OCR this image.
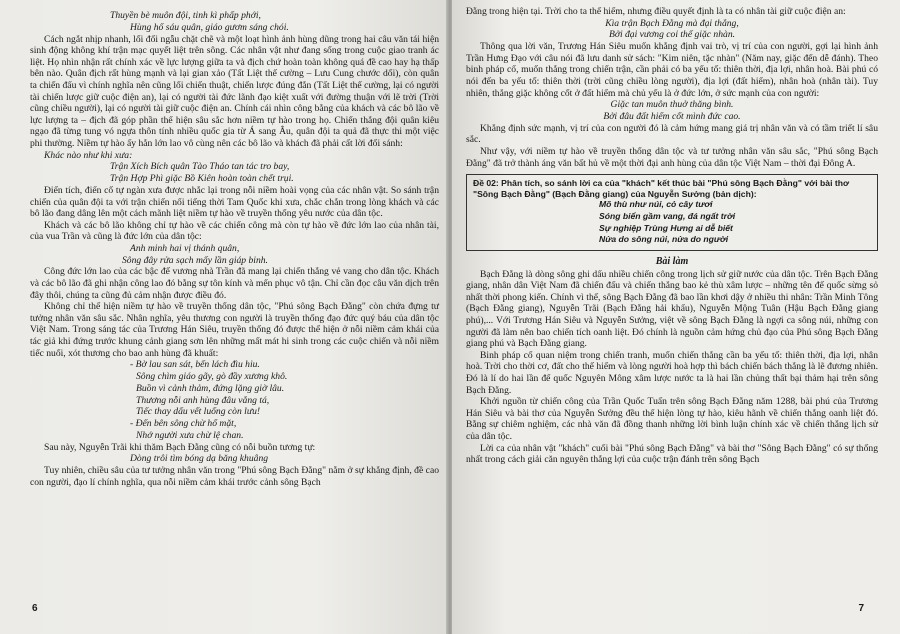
Thuyền bè muôn đội, tinh kì phấp phới,

Hùng hổ sáu quân, giáo gươm sáng chói.

Cách ngắt nhịp nhanh, lối đối ngẫu chặt chẽ và một loạt hình ảnh hùng dũng trong hai câu văn tái hiện sinh động không khí trận mạc quyết liệt trên sông. Các nhân vật như đang sống trong cuộc giao tranh ác liệt. Họ nhìn nhận rất chính xác về lực lượng giữa ta và địch chứ hoàn toàn không quá đề cao hay hạ thấp bên nào. Quân địch rất hùng mạnh và lại gian xảo (Tất Liệt thế cường – Lưu Cung chước dối), còn quân ta chiến đấu vì chính nghĩa nên cũng lối chiến thuật, chiến lược đúng đắn (Tất Liệt thế cường, lại có người tài chiến lược giữ cuộc điện an), lại có người tài đức lãnh đạo kiệt xuất với đường thuận với lẽ trời (Trời cũng chiều người), lại có người tài giữ cuộc điện an. Chính cái nhìn công bằng của khách và các bô lão về lực lượng ta – địch đã góp phần thể hiện sâu sắc hơn niềm tự hào trong họ. Chiến thắng đội quân kiêu ngạo đã từng tung vó ngựa thôn tính nhiều quốc gia từ Á sang Âu, quân đội ta quả đã thực thi một việc phi thường. Niềm tự hào ấy hẳn lớn lao vô cùng nên các bô lão và khách đã phải cất lời đối sánh:

Khác nào như khi xưa:

Trận Xích Bích quân Tào Tháo tan tác tro bay,

Trận Hợp Phì giặc Bồ Kiên hoàn toàn chết trụi.

Điển tích, điển cố tự ngàn xưa được nhắc lại trong nỗi niềm hoài vọng của các nhân vật. So sánh trận chiến của quân đội ta với trận chiến nổi tiếng thời Tam Quốc khi xưa, chắc chắn trong lòng khách và các bô lão đang dâng lên một cách mãnh liệt niềm tự hào về truyền thống yêu nước của dân tộc.

Khách và các bô lão không chỉ tự hào về các chiến công mà còn tự hào về đức lớn lao của nhân tài, của vua Trần và cũng là đức lớn của dân tộc:

Anh minh hai vị thánh quân,

Sông đây rửa sạch mấy lần giáp binh.

Công đức lớn lao của các bậc đế vương nhà Trần đã mang lại chiến thắng vẻ vang cho dân tộc. Khách và các bô lão đã ghi nhận công lao đó bằng sự tôn kính và mến phục vô tận. Chỉ cần đọc câu văn dịch trên đây thôi, chúng ta cũng đủ cảm nhận được điều đó.

Không chỉ thể hiện niềm tự hào về truyền thống dân tộc, "Phú sông Bạch Đằng" còn chứa đựng tư tưởng nhân văn sâu sắc. Nhân nghĩa, yêu thương con người là truyền thống đạo đức quý báu của dân tộc Việt Nam. Trong sáng tác của Trương Hán Siêu, truyền thống đó được thể hiện ở nỗi niềm cảm khái của tác giả khi đứng trước khung cảnh giang sơn lên những mất mát hi sinh trong các cuộc chiến và nỗi niềm tiếc nuối, xót thương cho bao anh hùng đã khuất:

- Bờ lau san sát, bến lách đìu hiu.

Sông chìm giáo gãy, gò đầy xương khô.

Buồn vì cảnh thảm, đứng lặng giờ lâu.

Thương nỗi anh hùng đâu vắng tá,

Tiếc thay dấu vết luống còn lưu!

- Đến bên sông chừ hổ mặt,

Nhớ người xưa chừ lệ chan.

Sau này, Nguyễn Trãi khi thăm Bạch Đằng cũng có nỗi buồn tương tự:

Dòng trôi tìm bóng dạ băng khuâng

Tuy nhiên, chiều sâu của tư tưởng nhân văn trong "Phú sông Bạch Đằng" nằm ở sự khẳng định, đề cao con người, đạo lí chính nghĩa, qua nỗi niềm cảm khái trước cảnh sông Bạch

6

Đằng trong hiện tại. Trời cho ta thế hiểm, nhưng điều quyết định là ta có nhân tài giữ cuộc điện an:

Kìa trận Bạch Đằng mà đại thắng,

Bởi đại vương coi thế giặc nhàn.

Thông qua lời văn, Trương Hán Siêu muốn khẳng định vai trò, vị trí của con người, gợi lại hình ảnh Trần Hưng Đạo với câu nói đã lưu danh sử sách: "Kim niên, tặc nhàn" (Năm nay, giặc đến dễ đánh). Theo binh pháp cổ, muốn thắng trong chiến trận, cần phải có ba yếu tố: thiên thời, địa lợi, nhân hoà. Bài phú có nói đến ba yếu tố: thiên thời (trời cũng chiều lòng người), địa lợi (đất hiểm), nhân hoà (nhân tài). Tuy nhiên, thắng giặc không cốt ở đất hiểm mà chủ yếu là ở đức lớn, ở sức mạnh của con người:

Giặc tan muôn thuở thăng bình.

Bởi đâu đất hiểm cốt mình đức cao.

Khẳng định sức mạnh, vị trí của con người đó là cảm hứng mang giá trị nhân văn và có tầm triết lí sâu sắc.

Như vậy, với niềm tự hào về truyền thống dân tộc và tư tưởng nhân văn sâu sắc, "Phú sông Bạch Đằng" đã trở thành áng văn bất hủ về một thời đại anh hùng của dân tộc Việt Nam – thời đại Đông A.

Đề 02: Phân tích, so sánh lời ca của "khách" kết thúc bài "Phú sông Bạch Đằng" với bài thơ "Sông Bạch Đằng" (Bạch Đằng giang) của Nguyễn Sưởng (bản dịch):

Mõ thù như núi, cỏ cây tươi

Sóng biển gầm vang, đá ngất trời

Sự nghiệp Trùng Hưng ai dễ biết

Nửa do sông núi, nửa do người

Bài làm

Bạch Đằng là dòng sông ghi dấu nhiều chiến công trong lịch sử giữ nước của dân tộc. Trên Bạch Đằng giang, nhân dân Việt Nam đã chiến đấu và chiến thắng bao kẻ thù xâm lược – những tên đế quốc sừng sỏ nhất thời phong kiến. Chính vì thế, sông Bạch Đằng đã bao lần khơi dậy ở nhiều thi nhân: Trần Minh Tông (Bạch Đằng giang), Nguyễn Trãi (Bạch Đằng hải khẩu), Nguyễn Mộng Tuân (Hậu Bạch Đằng giang phú),... Với Trương Hán Siêu và Nguyễn Sưởng, việt về sông Bạch Đằng là ngợi ca sông núi, những con người đã làm nên bao chiến tích oanh liệt. Đó chính là nguồn cảm hứng chủ đạo của Phú sông Bạch Đằng giang phú và Bạch Đằng giang.

Binh pháp cổ quan niệm trong chiến tranh, muốn chiến thắng cần ba yếu tố: thiên thời, địa lợi, nhân hoà. Trời cho thời cơ, đất cho thế hiểm và lòng người hoà hợp thì bách chiến bách thắng là lẽ đương nhiên. Đó là lí do hai lần để quốc Nguyên Mông xâm lược nước ta là hai lần chủng thất bại thảm hại trên sông Bạch Đằng.

Khởi nguồn từ chiến công của Trần Quốc Tuấn trên sông Bạch Đằng năm 1288, bài phú của Trương Hán Siêu và bài thơ của Nguyễn Sưởng đều thể hiện lòng tự hào, kiêu hãnh về chiến thắng oanh liệt đó. Bằng sự chiêm nghiệm, các nhà văn đã đồng thanh những lời bình luận chính xác về chiến thắng lịch sử của dân tộc.

Lời ca của nhân vật "khách" cuối bài "Phú sông Bạch Đằng" và bài thơ "Sông Bạch Đằng" có sự thống nhất trong cách giải căn nguyên thắng lợi của cuộc trận đánh trên sông Bạch

7
